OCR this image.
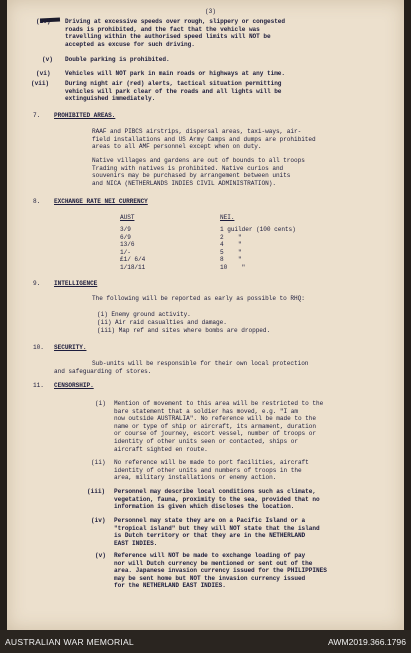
(3)
(iv) Driving at excessive speeds over rough, slippery or congested
roads is prohibited, and the fact that the vehicle was
travelling within the authorised speed limits will NOT be
accepted as excuse for such driving.
(v) Double parking is prohibited.
(vi) Vehicles will NOT park in main roads or highways at any time.
(vii)	During night air (red) alerts, tactical situation permitting
vehicles will park clear of the roads and all lights will be
extinguished immediately.
7. PROHIBITED AREAS.
RAAF and PIBCS airstrips, dispersal areas, taxi-ways, air-
field installations and US Army Camps and dumps are prohibited
areas to all AMF personnel except when on duty.
Native villages and gardens are out of bounds to all troops
Trading with natives is prohibited. Native curios and
souvenirs may be purchased by arrangement between units
and NICA (NETHERLANDS INDIES CIVIL ADMINISTRATION).
8. EXCHANGE RATE NEI CURRENCY
AUST	NEI.
3/9	1 guilder (100 cents)
6/9	2    "
13/6	4    "
1/-	5    "
£1/ 6/4	8    "
1/18/11	10    "
9. INTELLIGENCE
The following will be reported as early as possible to RHQ:
(i) Enemy ground activity.
(ii) Air raid casualties and damage.
(iii) Map ref and sites where bombs are dropped.
10. SECURITY.
Sub-units will be responsible for their own local protection
and safeguarding of stores.
11. CENSORSHIP.
(i) Mention of movement to this area will be restricted to the
bare statement that a soldier has moved, e.g. "I am
now outside AUSTRALIA". No reference will be made to the
name or type of ship or aircraft, its armament, duration
or course of journey, escort vessel, number of troops or
identity of other units seen or contacted, ships or
aircraft sighted en route.
(ii) No reference will be made to port facilities, aircraft
identity of other units and numbers of troops in the
area, military installations or enemy action.
(iii) Personnel may describe local conditions such as climate,
vegetation, fauna, proximity to the sea, provided that no
information is given which discloses the location.
(iv) Personnel may state they are on a Pacific Island or a
"tropical island" but they will NOT state that the island
is Dutch territory or that they are in the NETHERLAND
EAST INDIES.
(v) Reference will NOT be made to exchange loading of pay
nor will Dutch currency be mentioned or sent out of the
area. Japanese invasion currency issued for the PHILIPPINES
may be sent home but NOT the invasion currency issued
for the NETHERLAND EAST INDIES.
AUSTRALIAN WAR MEMORIAL	AWM2019.366.1796
